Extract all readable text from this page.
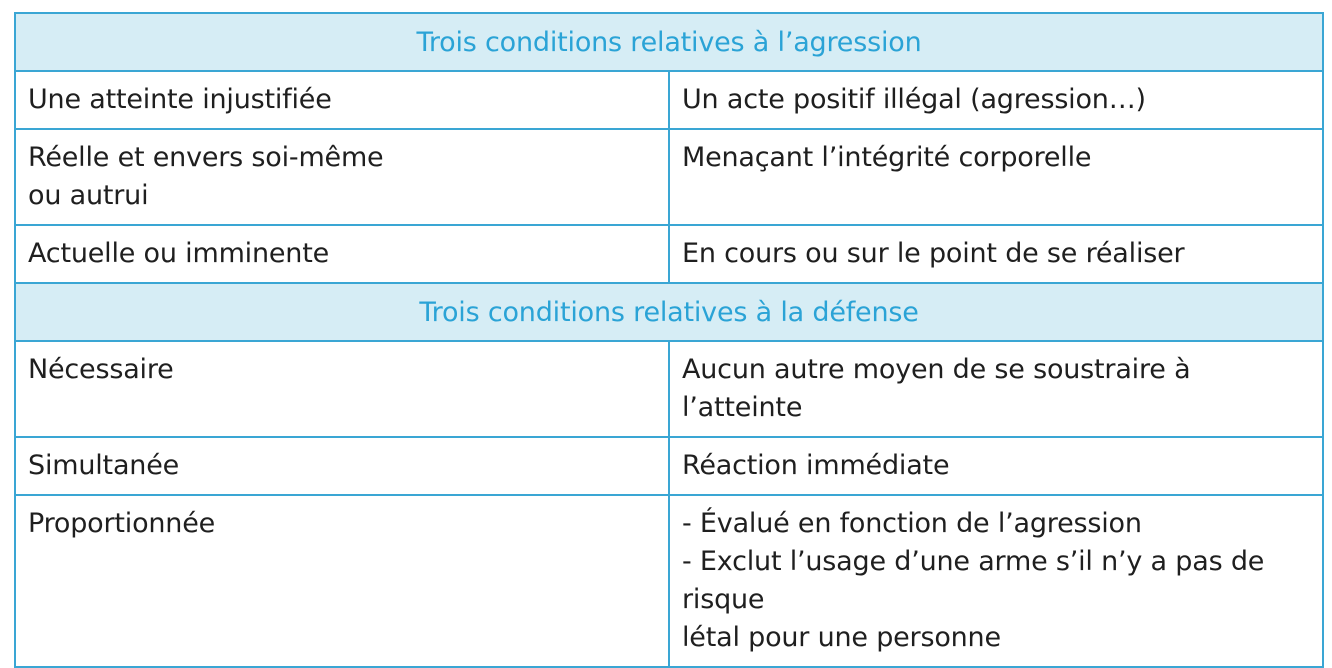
Trois conditions relatives à l’agression	

Une atteinte injustifiée	Un acte positif illégal (agression…)

Réelle et envers soi-même
ou autrui	Menaçant l’intégrité corporelle

Actuelle ou imminente	En cours ou sur le point de se réaliser

Trois conditions relatives à la défense	

Nécessaire	Aucun autre moyen de se soustraire à l’atteinte

Simultanée	Réaction immédiate

Proportionnée	- Évalué en fonction de l’agression
- Exclut l’usage d’une arme s’il n’y a pas de risque
létal pour une personne
